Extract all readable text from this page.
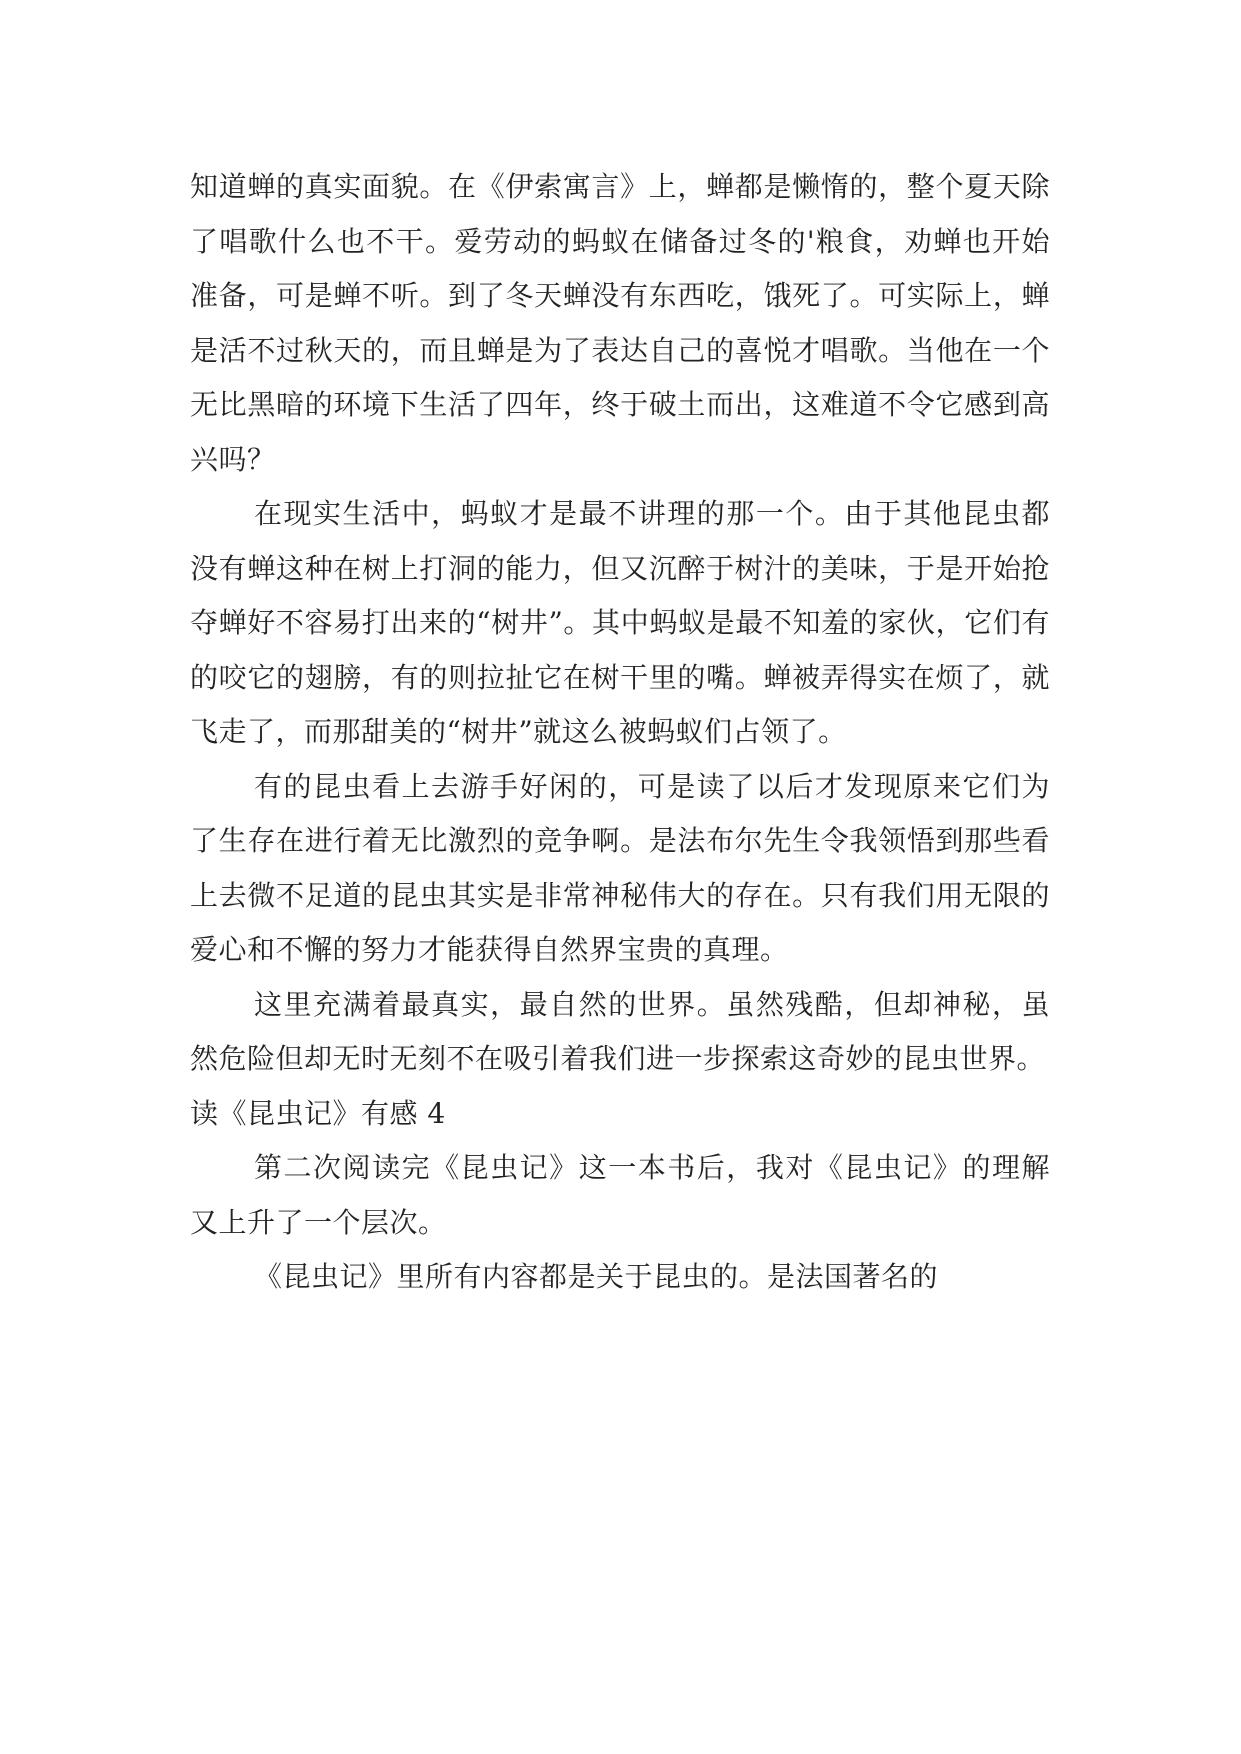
知道蝉的真实面貌。在《伊索寓言》上，蝉都是懒惰的，整个夏天除了唱歌什么也不干。爱劳动的蚂蚁在储备过冬的'粮食，劝蝉也开始准备，可是蝉不听。到了冬天蝉没有东西吃，饿死了。可实际上，蝉是活不过秋天的，而且蝉是为了表达自己的喜悦才唱歌。当他在一个无比黑暗的环境下生活了四年，终于破土而出，这难道不令它感到高兴吗？

在现实生活中，蚂蚁才是最不讲理的那一个。由于其他昆虫都没有蝉这种在树上打洞的能力，但又沉醉于树汁的美味，于是开始抢夺蝉好不容易打出来的“树井”。其中蚂蚁是最不知羞的家伙，它们有的咬它的翅膀，有的则拉扯它在树干里的嘴。蝉被弄得实在烦了，就飞走了，而那甜美的“树井”就这么被蚂蚁们占领了。

有的昆虫看上去游手好闲的，可是读了以后才发现原来它们为了生存在进行着无比激烈的竞争啊。是法布尔先生令我领悟到那些看上去微不足道的昆虫其实是非常神秘伟大的存在。只有我们用无限的爱心和不懈的努力才能获得自然界宝贵的真理。

这里充满着最真实，最自然的世界。虽然残酷，但却神秘，虽然危险但却无时无刻不在吸引着我们进一步探索这奇妙的昆虫世界。

读《昆虫记》有感 4

第二次阅读完《昆虫记》这一本书后，我对《昆虫记》的理解又上升了一个层次。

《昆虫记》里所有内容都是关于昆虫的。是法国著名的
